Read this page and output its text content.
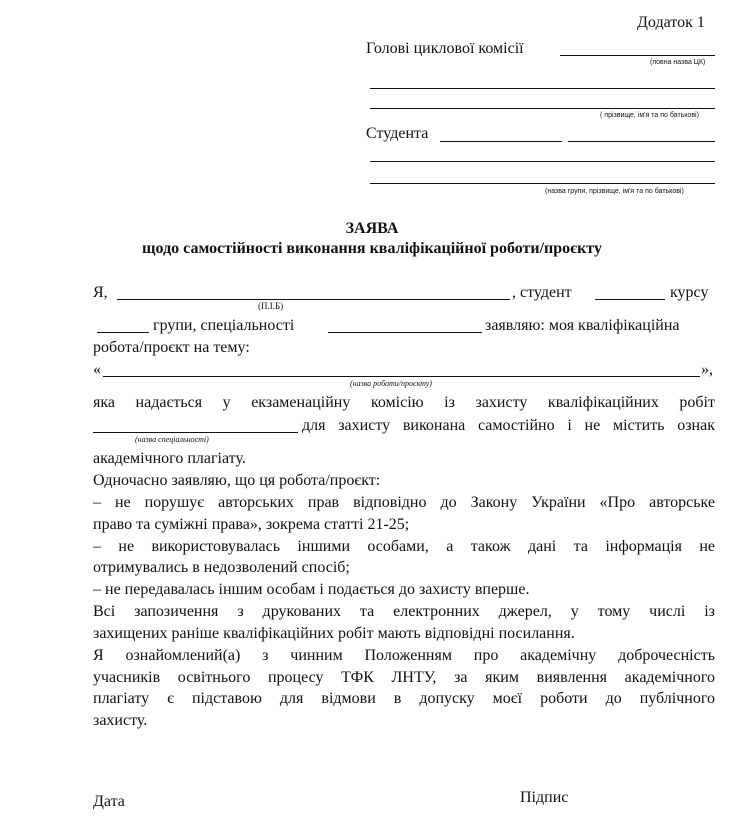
Додаток 1
Голові циклової комісії
(повна назва ЦК)
( прізвище, ім'я та по батькові)
Студента
(назва групи, прізвище, ім'я та по батькові)
ЗАЯВА
щодо самостійності виконання кваліфікаційної роботи/проєкту
Я,	, студент	курсу
(П.І.Б)
групи, спеціальності	заявляю: моя кваліфікаційна
робота/проєкт на тему:
«	»,
(назва роботи/проєкту)
яка надається у екзаменаційну комісію із захисту кваліфікаційних робіт
для захисту виконана самостійно і не містить ознак
(назва спеціальності)
академічного плагіату.
Одночасно заявляю, що ця робота/проєкт:
– не порушує авторських прав відповідно до Закону України «Про авторське
право та суміжні права», зокрема статті 21-25;
– не використовувалась іншими особами, а також дані та інформація не
отримувались в недозволений спосіб;
– не передавалась іншим особам і подається до захисту вперше.
Всі запозичення з друкованих та електронних джерел, у тому числі із
захищених раніше кваліфікаційних робіт мають відповідні посилання.
Я ознайомлений(а) з чинним Положенням про академічну доброчесність
учасників освітнього процесу ТФК ЛНТУ, за яким виявлення академічного
плагіату є підставою для відмови в допуску моєї роботи до публічного
захисту.
Дата	Підпис
